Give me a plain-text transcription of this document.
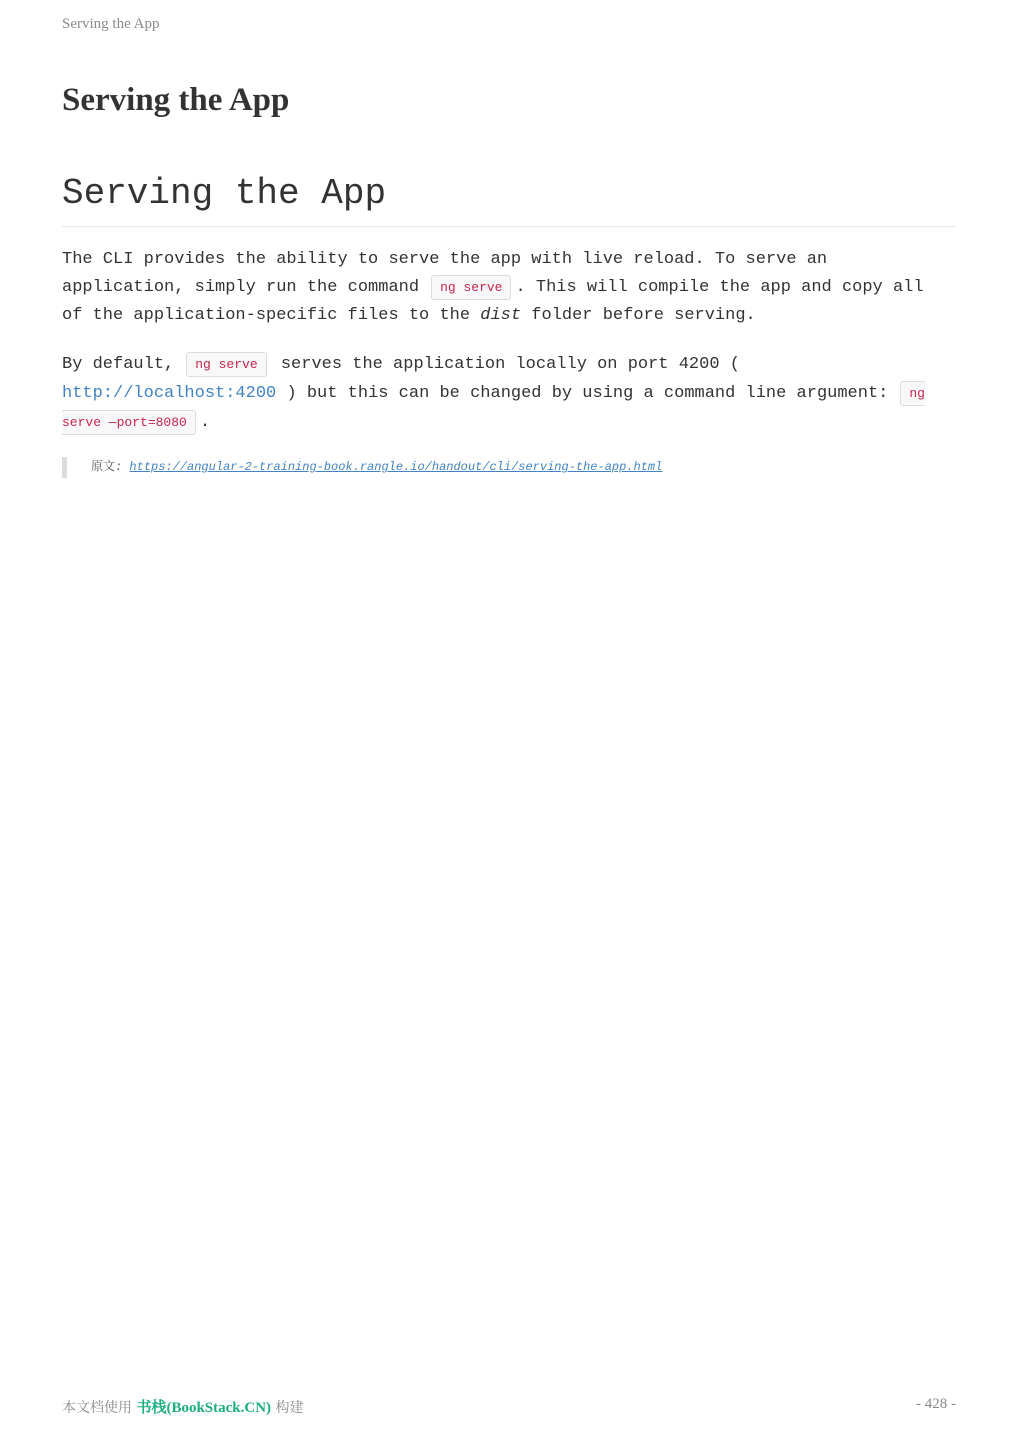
Serving the App
Serving the App
Serving the App

The CLI provides the ability to serve the app with live reload. To serve an application, simply run the command ng serve . This will compile the app and copy all of the application-specific files to the dist folder before serving.

By default, ng serve serves the application locally on port 4200 ( http://localhost:4200 ) but this can be changed by using a command line argument: ng serve —port=8080 .

原文: https://angular-2-training-book.rangle.io/handout/cli/serving-the-app.html
本文档使用 书栈(BookStack.CN) 构建	- 428 -
